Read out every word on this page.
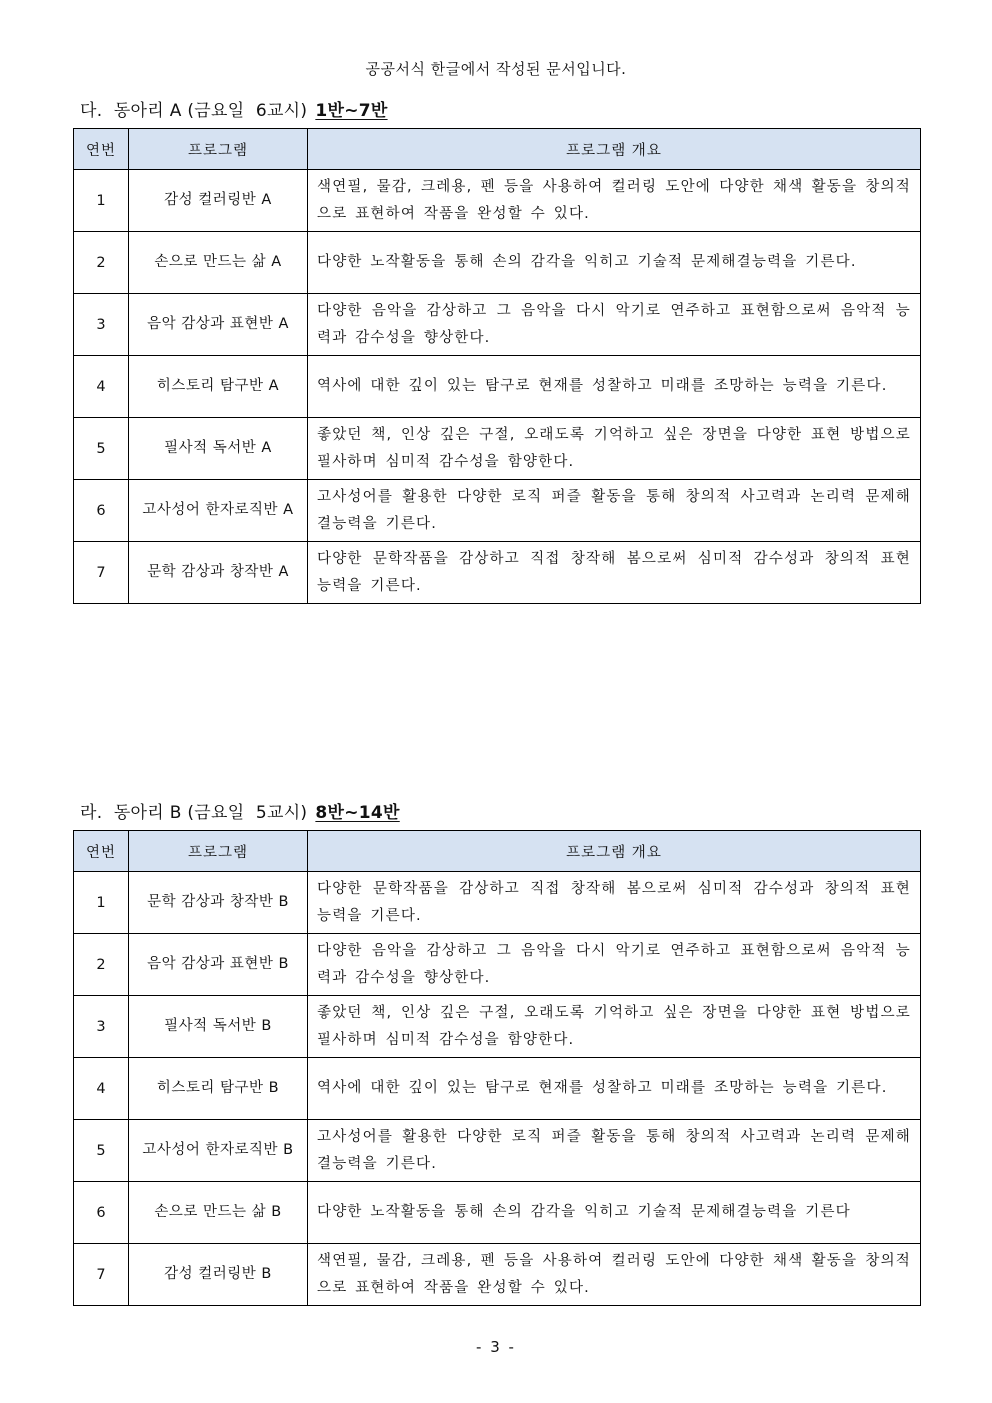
공공서식 한글에서 작성된 문서입니다.
다.  동아리 A (금요일  6교시) 1반~7반
연번	프로그램	프로그램 개요
1	감성 컬러링반 A	색연필, 물감, 크레용, 펜 등을 사용하여 컬러링 도안에 다양한 채색 활동을 창의적으로 표현하여 작품을 완성할 수 있다.
2	손으로 만드는 삶 A	다양한 노작활동을 통해 손의 감각을 익히고 기술적 문제해결능력을 기른다.
3	음악 감상과 표현반 A	다양한 음악을 감상하고 그 음악을 다시 악기로 연주하고 표현함으로써 음악적 능력과 감수성을 향상한다.
4	히스토리 탐구반 A	역사에 대한 깊이 있는 탐구로 현재를 성찰하고 미래를 조망하는 능력을 기른다.
5	필사적 독서반 A	좋았던 책, 인상 깊은 구절, 오래도록 기억하고 싶은 장면을 다양한 표현 방법으로 필사하며 심미적 감수성을 함양한다.
6	고사성어 한자로직반 A	고사성어를 활용한 다양한 로직 퍼즐 활동을 통해 창의적 사고력과 논리력 문제해결능력을 기른다.
7	문학 감상과 창작반 A	다양한 문학작품을 감상하고 직접 창작해 봄으로써 심미적 감수성과 창의적 표현 능력을 기른다.
라.  동아리 B (금요일  5교시) 8반~14반
연번	프로그램	프로그램 개요
1	문학 감상과 창작반 B	다양한 문학작품을 감상하고 직접 창작해 봄으로써 심미적 감수성과 창의적 표현 능력을 기른다.
2	음악 감상과 표현반 B	다양한 음악을 감상하고 그 음악을 다시 악기로 연주하고 표현함으로써 음악적 능력과 감수성을 향상한다.
3	필사적 독서반 B	좋았던 책, 인상 깊은 구절, 오래도록 기억하고 싶은 장면을 다양한 표현 방법으로 필사하며 심미적 감수성을 함양한다.
4	히스토리 탐구반 B	역사에 대한 깊이 있는 탐구로 현재를 성찰하고 미래를 조망하는 능력을 기른다.
5	고사성어 한자로직반 B	고사성어를 활용한 다양한 로직 퍼즐 활동을 통해 창의적 사고력과 논리력 문제해결능력을 기른다.
6	손으로 만드는 삶 B	다양한 노작활동을 통해 손의 감각을 익히고 기술적 문제해결능력을 기른다
7	감성 컬러링반 B	색연필, 물감, 크레용, 펜 등을 사용하여 컬러링 도안에 다양한 채색 활동을 창의적으로 표현하여 작품을 완성할 수 있다.
- 3 -
